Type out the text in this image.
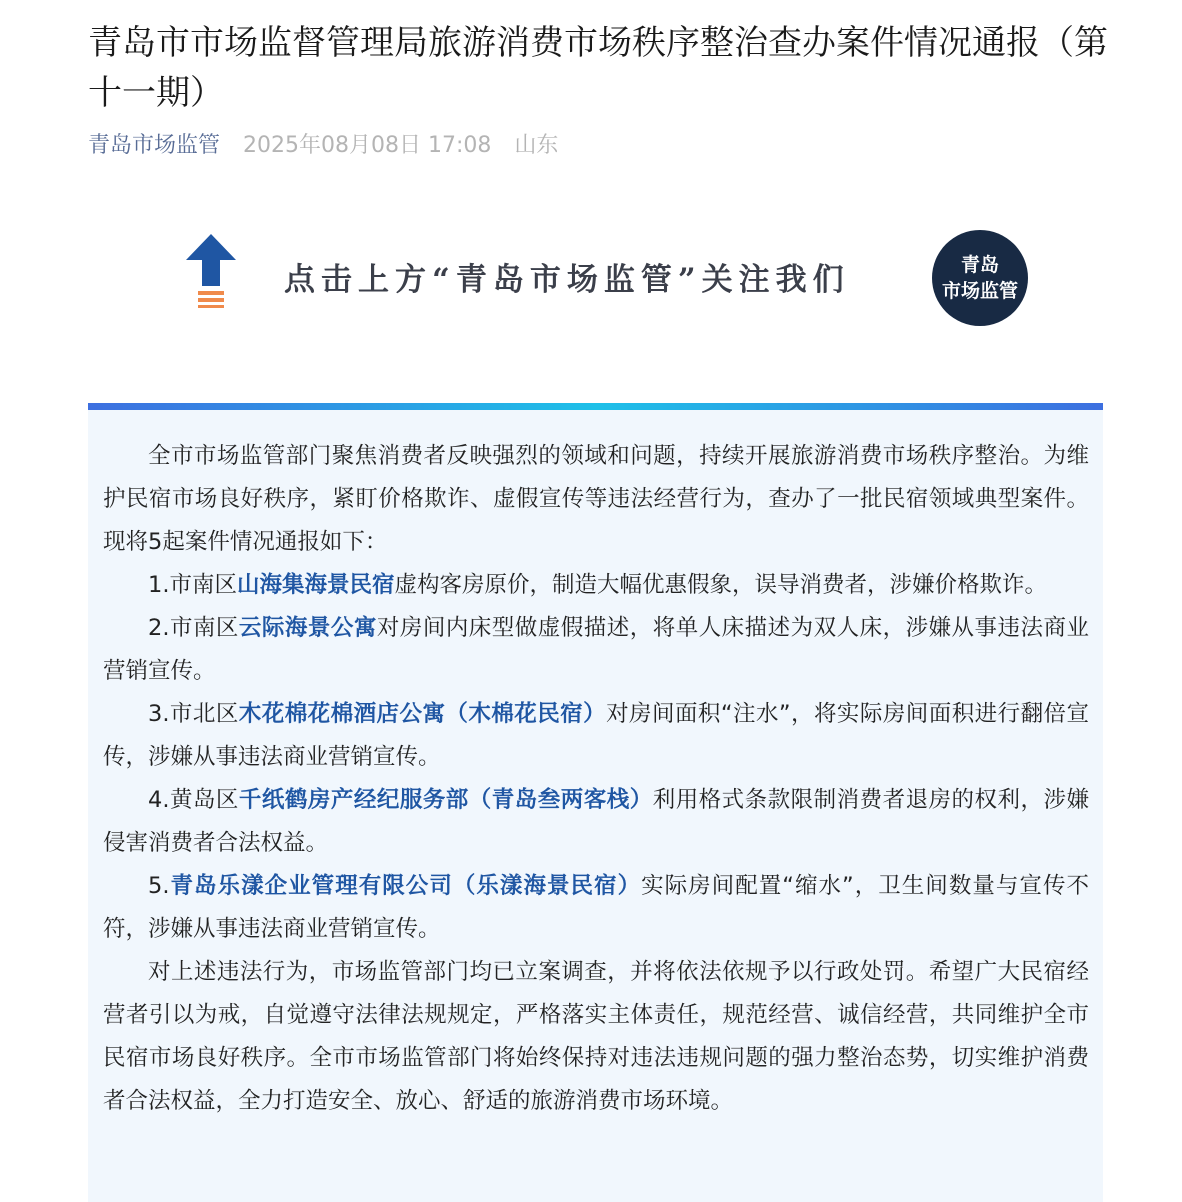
青岛市市场监督管理局旅游消费市场秩序整治查办案件情况通报（第十一期）
青岛市场监管 2025年08月08日 17:08 山东
点击上方“青岛市场监管”关注我们	青岛
市场监管

全市市场监管部门聚焦消费者反映强烈的领域和问题，持续开展旅游消费市场秩序整治。为维护民宿市场良好秩序，紧盯价格欺诈、虚假宣传等违法经营行为，查办了一批民宿领域典型案件。现将5起案件情况通报如下：

1.市南区山海集海景民宿虚构客房原价，制造大幅优惠假象，误导消费者，涉嫌价格欺诈。

2.市南区云际海景公寓对房间内床型做虚假描述，将单人床描述为双人床，涉嫌从事违法商业营销宣传。

3.市北区木花棉花棉酒店公寓（木棉花民宿）对房间面积“注水”，将实际房间面积进行翻倍宣传，涉嫌从事违法商业营销宣传。

4.黄岛区千纸鹤房产经纪服务部（青岛叁两客栈）利用格式条款限制消费者退房的权利，涉嫌侵害消费者合法权益。

5.青岛乐漾企业管理有限公司（乐漾海景民宿）实际房间配置“缩水”，卫生间数量与宣传不符，涉嫌从事违法商业营销宣传。

对上述违法行为，市场监管部门均已立案调查，并将依法依规予以行政处罚。希望广大民宿经营者引以为戒，自觉遵守法律法规规定，严格落实主体责任，规范经营、诚信经营，共同维护全市民宿市场良好秩序。全市市场监管部门将始终保持对违法违规问题的强力整治态势，切实维护消费者合法权益，全力打造安全、放心、舒适的旅游消费市场环境。
